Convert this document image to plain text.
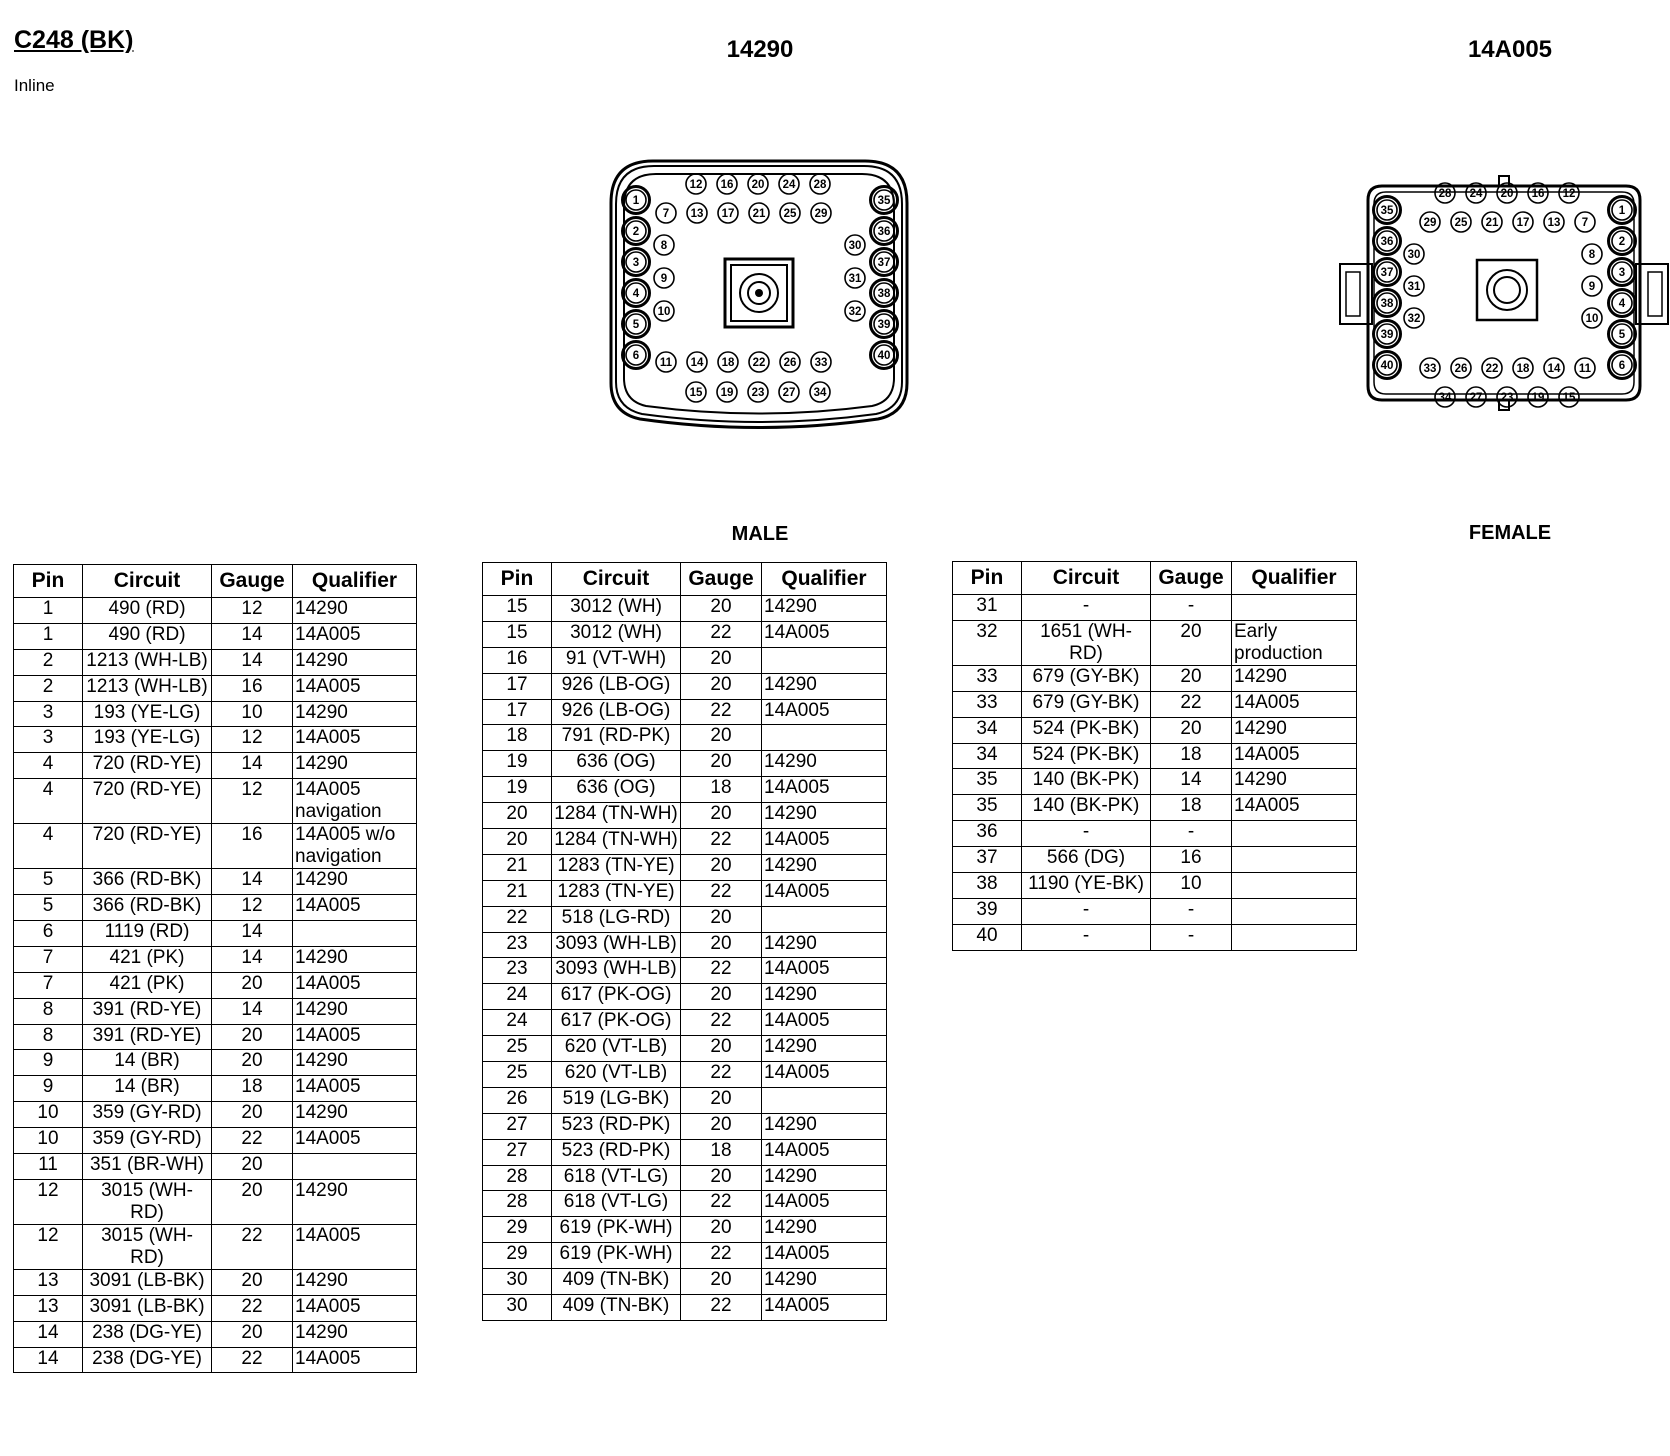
C248 (BK)
Inline
14290	14A005
12 16 20 24 28
7 13 17 21 25 29
1
2
3
4
5
6
35
36
37
38
39
40
8
9
10
30
31
32
11 14 18 22 26 33
15 19 23 27 34
28 24 20 16 12
29 25 21 17 13 7
35
36
37
38
39
40
1
2
3
4
5
6
30
31
32
8
9
10
33 26 22 18 14 11
34 27 23 19 15
MALE	FEMALE
Pin	Circuit	Gauge	Qualifier
1	490 (RD)	12	14290
1	490 (RD)	14	14A005
2	1213 (WH-LB)	14	14290
2	1213 (WH-LB)	16	14A005
3	193 (YE-LG)	10	14290
3	193 (YE-LG)	12	14A005
4	720 (RD-YE)	14	14290
4	720 (RD-YE)	12	14A005 navigation
4	720 (RD-YE)	16	14A005 w/o navigation
5	366 (RD-BK)	14	14290
5	366 (RD-BK)	12	14A005
6	1119 (RD)	14	
7	421 (PK)	14	14290
7	421 (PK)	20	14A005
8	391 (RD-YE)	14	14290
8	391 (RD-YE)	20	14A005
9	14 (BR)	20	14290
9	14 (BR)	18	14A005
10	359 (GY-RD)	20	14290
10	359 (GY-RD)	22	14A005
11	351 (BR-WH)	20	
12	3015 (WH-RD)	20	14290
12	3015 (WH-RD)	22	14A005
13	3091 (LB-BK)	20	14290
13	3091 (LB-BK)	22	14A005
14	238 (DG-YE)	20	14290
14	238 (DG-YE)	22	14A005
Pin	Circuit	Gauge	Qualifier
15	3012 (WH)	20	14290
15	3012 (WH)	22	14A005
16	91 (VT-WH)	20	
17	926 (LB-OG)	20	14290
17	926 (LB-OG)	22	14A005
18	791 (RD-PK)	20	
19	636 (OG)	20	14290
19	636 (OG)	18	14A005
20	1284 (TN-WH)	20	14290
20	1284 (TN-WH)	22	14A005
21	1283 (TN-YE)	20	14290
21	1283 (TN-YE)	22	14A005
22	518 (LG-RD)	20	
23	3093 (WH-LB)	20	14290
23	3093 (WH-LB)	22	14A005
24	617 (PK-OG)	20	14290
24	617 (PK-OG)	22	14A005
25	620 (VT-LB)	20	14290
25	620 (VT-LB)	22	14A005
26	519 (LG-BK)	20	
27	523 (RD-PK)	20	14290
27	523 (RD-PK)	18	14A005
28	618 (VT-LG)	20	14290
28	618 (VT-LG)	22	14A005
29	619 (PK-WH)	20	14290
29	619 (PK-WH)	22	14A005
30	409 (TN-BK)	20	14290
30	409 (TN-BK)	22	14A005
Pin	Circuit	Gauge	Qualifier
31	-	-	
32	1651 (WH-RD)	20	Early production
33	679 (GY-BK)	20	14290
33	679 (GY-BK)	22	14A005
34	524 (PK-BK)	20	14290
34	524 (PK-BK)	18	14A005
35	140 (BK-PK)	14	14290
35	140 (BK-PK)	18	14A005
36	-	-	
37	566 (DG)	16	
38	1190 (YE-BK)	10	
39	-	-	
40	-	-	
